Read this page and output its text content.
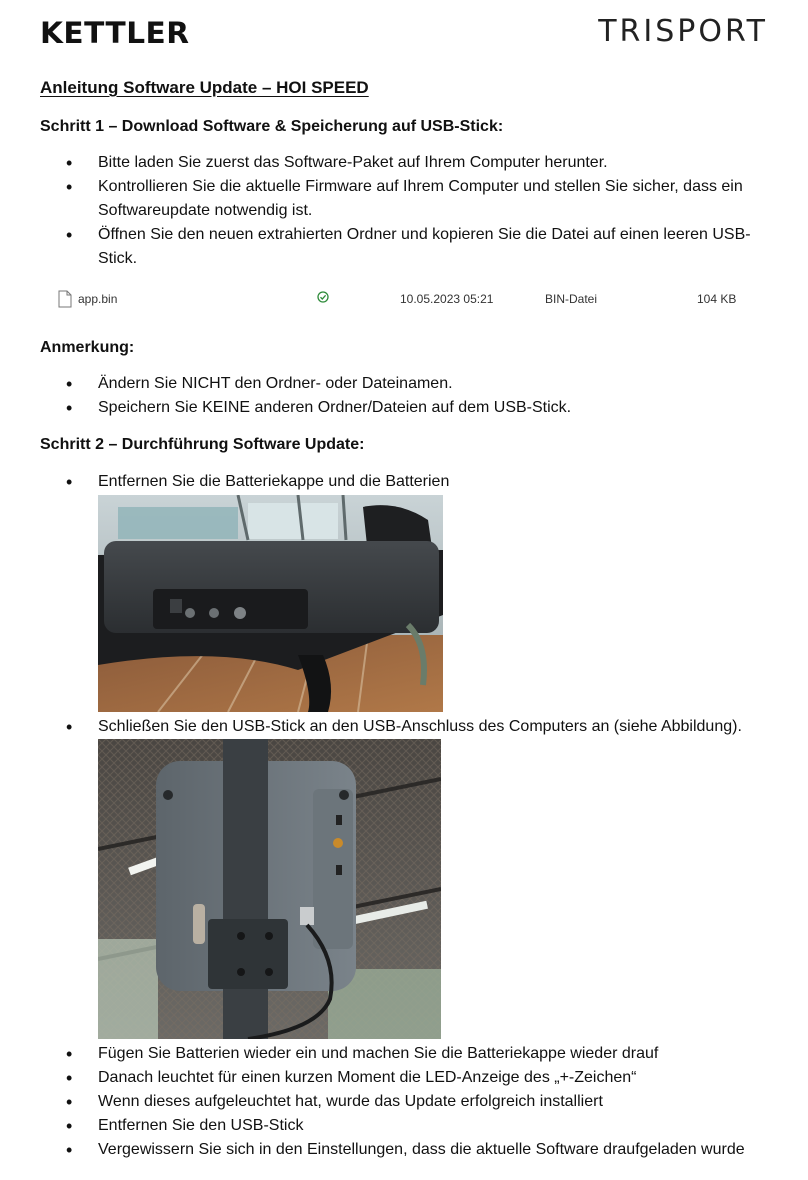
KETTLER	TRISPORT
Anleitung Software Update – HOI SPEED
Schritt 1 – Download Software & Speicherung auf USB-Stick:
• Bitte laden Sie zuerst das Software-Paket auf Ihrem Computer herunter.
• Kontrollieren Sie die aktuelle Firmware auf Ihrem Computer und stellen Sie sicher, dass ein Softwareupdate notwendig ist.
• Öffnen Sie den neuen extrahierten Ordner und kopieren Sie die Datei auf einen leeren USB-Stick.
app.bin	10.05.2023 05:21	BIN-Datei	104 KB
Anmerkung:
• Ändern Sie NICHT den Ordner- oder Dateinamen.
• Speichern Sie KEINE anderen Ordner/Dateien auf dem USB-Stick.
Schritt 2 – Durchführung Software Update:
• Entfernen Sie die Batteriekappe und die Batterien
• Schließen Sie den USB-Stick an den USB-Anschluss des Computers an (siehe Abbildung).
• Fügen Sie Batterien wieder ein und machen Sie die Batteriekappe wieder drauf
• Danach leuchtet für einen kurzen Moment die LED-Anzeige des „+-Zeichen“
• Wenn dieses aufgeleuchtet hat, wurde das Update erfolgreich installiert
• Entfernen Sie den USB-Stick
• Vergewissern Sie sich in den Einstellungen, dass die aktuelle Software draufgeladen wurde
